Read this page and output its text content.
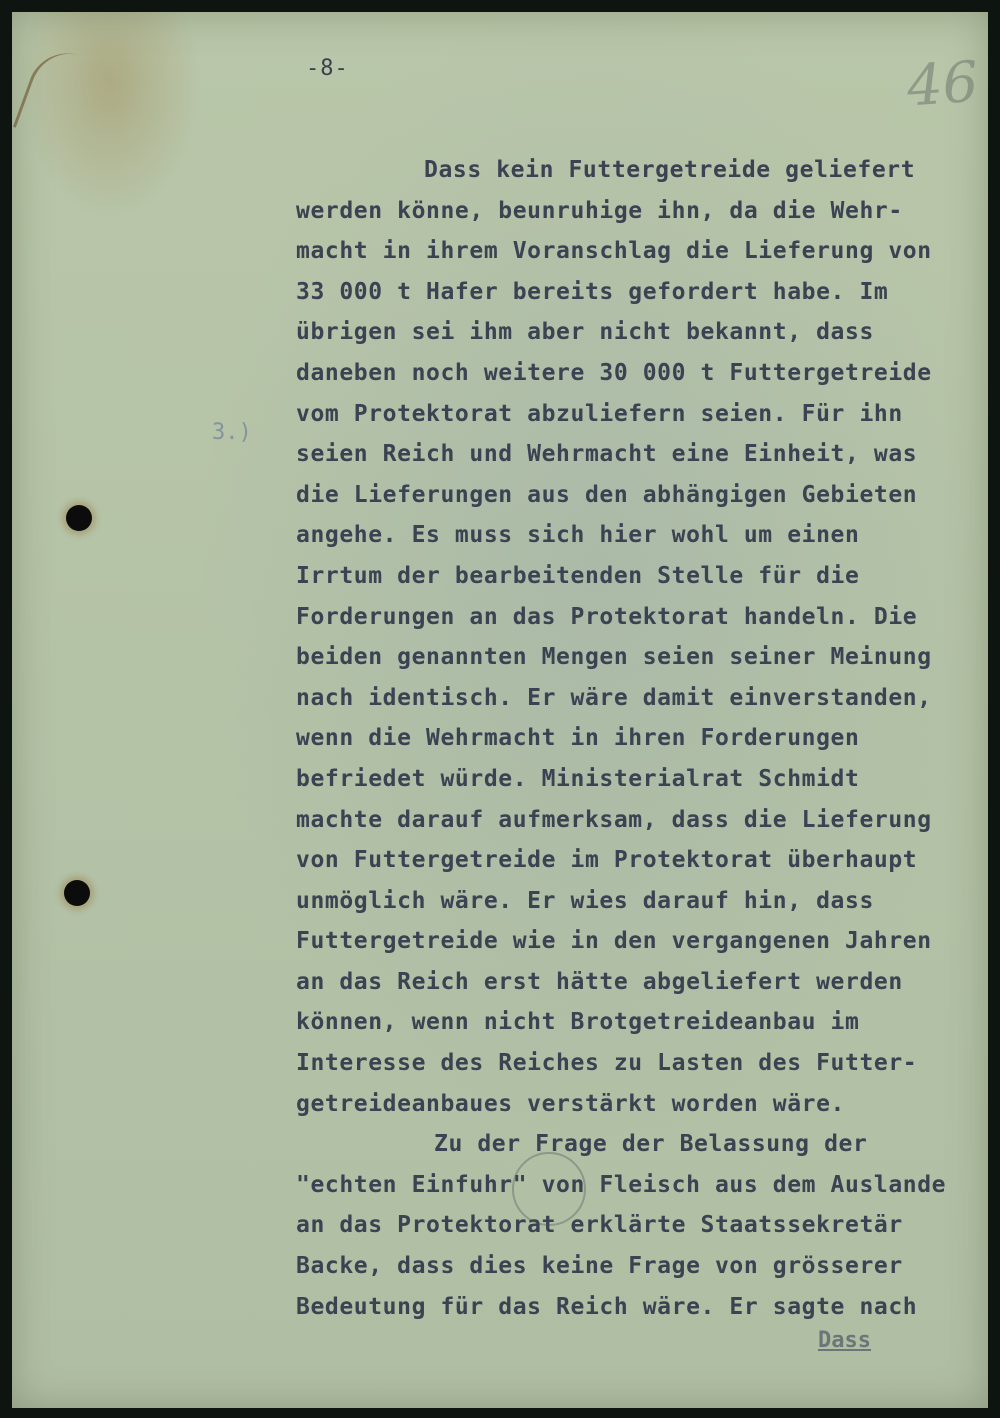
-8-	46
3.)
Dass kein Futtergetreide geliefert
werden könne, beunruhige ihn, da die Wehr-
macht in ihrem Voranschlag die Lieferung von
33 000 t Hafer bereits gefordert habe. Im
übrigen sei ihm aber nicht bekannt, dass
daneben noch weitere 30 000 t Futtergetreide
vom Protektorat abzuliefern seien. Für ihn
seien Reich und Wehrmacht eine Einheit, was
die Lieferungen aus den abhängigen Gebieten
angehe. Es muss sich hier wohl um einen
Irrtum der bearbeitenden Stelle für die
Forderungen an das Protektorat handeln. Die
beiden genannten Mengen seien seiner Meinung
nach identisch. Er wäre damit einverstanden,
wenn die Wehrmacht in ihren Forderungen
befriedet würde. Ministerialrat Schmidt
machte darauf aufmerksam, dass die Lieferung
von Futtergetreide im Protektorat überhaupt
unmöglich wäre. Er wies darauf hin, dass
Futtergetreide wie in den vergangenen Jahren
an das Reich erst hätte abgeliefert werden
können, wenn nicht Brotgetreideanbau im
Interesse des Reiches zu Lasten des Futter-
getreideanbaues verstärkt worden wäre.
Zu der Frage der Belassung der
"echten Einfuhr" von Fleisch aus dem Auslande
an das Protektorat erklärte Staatssekretär
Backe, dass dies keine Frage von grösserer
Bedeutung für das Reich wäre. Er sagte nach
Dass
